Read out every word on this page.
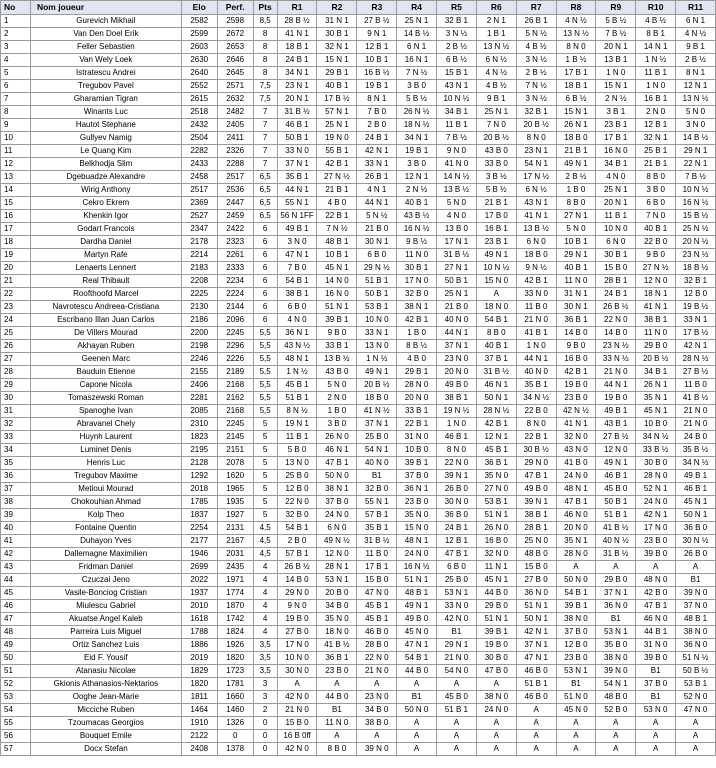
No	Nom joueur	Elo	Perf.	Pts	R1	R2	R3	R4	R5	R6	R7	R8	R9	R10	R11
1	Gurevich Mikhail	2582	2598	8,5	28 B ½	31 N 1	27 B ½	25 N 1	32 B 1	2 N 1	26 B 1	4 N ½	5 B ½	4 B ½	6 N 1
2	Van Den Doel Erik	2599	2672	8	41 N 1	30 B 1	9 N 1	14 B ½	3 N ½	1 B 1	5 N ½	13 N ½	7 B ½	8 B 1	4 N ½
3	Feller Sebastien	2603	2653	8	18 B 1	32 N 1	12 B 1	6 N 1	2 B ½	13 N ½	4 B ½	8 N 0	20 N 1	14 N 1	9 B 1
4	Van Wely Loek	2630	2646	8	24 B 1	15 N 1	10 B 1	16 N 1	6 B ½	6 N ½	3 N ½	1 B ½	13 B 1	1 N ½	2 B ½
5	Istratescu Andrei	2640	2645	8	34 N 1	29 B 1	16 B ½	7 N ½	15 B 1	4 N ½	2 B ½	17 B 1	1 N 0	11 B 1	8 N 1
6	Tregubov Pavel	2552	2571	7,5	23 N 1	40 B 1	19 B 1	3 B 0	43 N 1	4 B ½	7 N ½	18 B 1	15 N 1	1 N 0	12 N 1
7	Gharamian Tigran	2615	2632	7,5	20 N 1	17 B ½	8 N 1	5 B ½	10 N ½	9 B 1	3 N ½	6 B ½	2 N ½	16 B 1	13 N ½
8	Winants Luc	2518	2482	7	31 B ½	57 N 1	7 B 0	26 N ½	34 B 1	25 N 1	32 B 1	15 N 1	3 B 1	2 N 0	5 N 0
9	Hautot Stephane	2432	2405	7	46 B 1	25 N 1	2 B 0	18 N ½	11 B 1	7 N 0	20 B ½	26 N 1	23 B 1	12 B 1	3 N 0
10	Gullyev Namig	2504	2411	7	50 B 1	19 N 0	24 B 1	34 N 1	7 B ½	20 B ½	8 N 0	18 B 0	17 B 1	32 N 1	14 B ½
11	Le Quang Kim	2282	2326	7	33 N 0	55 B 1	42 N 1	19 B 1	9 N 0	43 B 0	23 N 1	21 B 1	16 N 0	25 B 1	29 N 1
12	Belkhodja Slim	2433	2288	7	37 N 1	42 B 1	33 N 1	3 B 0	41 N 0	33 B 0	54 N 1	49 N 1	34 B 1	21 B 1	22 N 1
13	Dgebuadze Alexandre	2458	2517	6,5	35 B 1	27 N ½	26 B 1	12 N 1	14 N ½	3 B ½	17 N ½	2 B ½	4 N 0	8 B 0	7 B ½
14	Wirig Anthony	2517	2536	6,5	44 N 1	21 B 1	4 N 1	2 N ½	13 B ½	5 B ½	6 N ½	1 B 0	25 N 1	3 B 0	10 N ½
15	Cekro Ekrem	2369	2447	6,5	55 N 1	4 B 0	44 N 1	40 B 1	5 N 0	21 B 1	43 N 1	8 B 0	20 N 1	6 B 0	16 N ½
16	Khenkin Igor	2527	2459	6,5	56 N 1FF	22 B 1	5 N ½	43 B ½	4 N 0	17 B 0	41 N 1	27 N 1	11 B 1	7 N 0	15 B ½
17	Godart Francois	2347	2422	6	49 B 1	7 N ½	21 B 0	16 N ½	13 B 0	16 B 1	13 B ½	5 N 0	10 N 0	40 B 1	25 N ½
18	Dardha Daniel	2178	2323	6	3 N 0	48 B 1	30 N 1	9 B ½	17 N 1	23 B 1	6 N 0	10 B 1	6 N 0	22 B 0	20 N ½
19	Martyn Rafe	2214	2261	6	47 N 1	10 B 1	6 B 0	11 N 0	31 B ½	49 N 1	18 B 0	29 N 1	30 B 1	9 B 0	23 N ½
20	Lenaerts Lennert	2183	2333	6	7 B 0	45 N 1	29 N ½	30 B 1	27 N 1	10 N ½	9 N ½	40 B 1	15 B 0	27 N ½	18 B ½
21	Real Thibault	2208	2234	6	54 B 1	14 N 0	51 B 1	17 N 0	50 B 1	15 N 0	42 B 1	11 N 0	28 B 1	12 N 0	32 B 1
22	Roofthoofd Marcel	2225	2224	6	38 B 1	16 N 0	50 B 1	32 B 0	25 N 1	A	33 N 0	31 N 1	24 B 1	18 N 1	12 B 0
23	Navrotescu Andreea-Cristiana	2130	2144	6	6 B 0	51 N 1	53 B 1	38 N 1	21 B 0	18 N 0	11 B 0	30 N 1	26 B ½	41 N 1	19 B ½
24	Escribano Illan Juan Carlos	2186	2096	6	4 N 0	39 B 1	10 N 0	42 B 1	40 N 0	54 B 1	21 N 0	36 B 1	22 N 0	38 B 1	33 N 1
25	De Villers Mourad	2200	2245	5,5	36 N 1	9 B 0	33 N 1	1 B 0	44 N 1	8 B 0	41 B 1	14 B 0	14 B 0	11 N 0	17 B ½
26	Akhayan Ruben	2198	2296	5,5	43 N ½	33 B 1	13 N 0	8 B ½	37 N 1	40 B 1	1 N 0	9 B 0	23 N ½	29 B 0	42 N 1
27	Geenen Marc	2246	2226	5,5	48 N 1	13 B ½	1 N ½	4 B 0	23 N 0	37 B 1	44 N 1	16 B 0	33 N ½	20 B ½	28 N ½
28	Bauduin Etienne	2155	2189	5,5	1 N ½	43 B 0	49 N 1	29 B 1	20 N 0	31 B ½	40 N 0	42 B 1	21 N 0	34 B 1	27 B ½
29	Capone Nicola	2406	2168	5,5	45 B 1	5 N 0	20 B ½	28 N 0	49 B 0	46 N 1	35 B 1	19 B 0	44 N 1	26 N 1	11 B 0
30	Tomaszewski Roman	2281	2162	5,5	51 B 1	2 N 0	18 B 0	20 N 0	38 B 1	50 N 1	34 N ½	23 B 0	19 B 0	35 N 1	41 B ½
31	Spanoghe Ivan	2085	2168	5,5	8 N ½	1 B 0	41 N ½	33 B 1	19 N ½	28 N ½	22 B 0	42 N ½	49 B 1	45 N 1	21 N 0
32	Abravanel Chely	2310	2245	5	19 N 1	3 B 0	37 N 1	22 B 1	1 N 0	42 B 1	8 N 0	41 N 1	43 B 1	10 B 0	21 N 0
33	Huynh Laurent	1823	2145	5	11 B 1	26 N 0	25 B 0	31 N 0	46 B 1	12 N 1	22 B 1	32 N 0	27 B ½	34 N ½	24 B 0
34	Luminet Denis	2195	2151	5	5 B 0	46 N 1	54 N 1	10 B 0	8 N 0	45 B 1	30 B ½	43 N 0	12 N 0	33 B ½	35 B ½
35	Henris Luc	2128	2078	5	13 N 0	47 B 1	40 N 0	39 B 1	22 N 0	36 B 1	29 N 0	41 B 0	49 N 1	30 B 0	34 N ½
36	Tregubov Maxime	1292	1620	5	25 B 0	50 N 0	B1	37 B 0	39 N 1	35 N 0	47 B 1	24 N 0	46 B 1	28 N 0	49 B 1
37	Metioui Mourad	2018	1965	5	12 B 0	38 N 1	32 B 0	36 N 1	26 B 0	27 N 0	49 B 0	48 N 1	45 B 0	52 N 1	46 B 1
38	Chokouhian Ahmad	1785	1935	5	22 N 0	37 B 0	55 N 1	23 B 0	30 N 0	53 B 1	39 N 1	47 B 1	50 B 1	24 N 0	45 N 1
39	Kolp Theo	1837	1927	5	32 B 0	24 N 0	57 B 1	35 N 0	36 B 0	51 N 1	38 B 1	46 N 0	51 B 1	42 N 1	50 N 1
40	Fontaine Quentin	2254	2131	4,5	54 B 1	6 N 0	35 B 1	15 N 0	24 B 1	26 N 0	28 B 1	20 N 0	41 B ½	17 N 0	36 B 0
41	Duhayon Yves	2177	2167	4,5	2 B 0	49 N ½	31 B ½	48 N 1	12 B 1	16 B 0	25 N 0	35 N 1	40 N ½	23 B 0	30 N ½
42	Dallemagne Maximilien	1946	2031	4,5	57 B 1	12 N 0	11 B 0	24 N 0	47 B 1	32 N 0	48 B 0	28 N 0	31 B ½	39 B 0	26 B 0
43	Fridman Daniel	2699	2435	4	26 B ½	28 N 1	17 B 1	16 N ½	6 B 0	11 N 1	15 B 0	A	A	A	A
44	Czuczai Jeno	2022	1971	4	14 B 0	53 N 1	15 B 0	51 N 1	25 B 0	45 N 1	27 B 0	50 N 0	29 B 0	48 N 0	B1
45	Vasile-Bonciog Cristian	1937	1774	4	29 N 0	20 B 0	47 N 0	48 B 1	53 N 1	44 B 0	36 N 0	54 B 1	37 N 1	42 B 0	39 N 0
46	Miulescu Gabriel	2010	1870	4	9 N 0	34 B 0	45 B 1	49 N 1	33 N 0	29 B 0	51 N 1	39 B 1	36 N 0	47 B 1	37 N 0
47	Akuatse Angel Kaleb	1618	1742	4	19 B 0	35 N 0	45 B 1	49 B 0	42 N 0	51 N 1	50 N 1	38 N 0	B1	46 N 0	48 B 1
48	Parreira Luis Miguel	1788	1824	4	27 B 0	18 N 0	46 B 0	45 N 0	B1	39 B 1	42 N 1	37 B 0	53 N 1	44 B 1	38 N 0
49	Ortiz Sanchez Luis	1886	1926	3,5	17 N 0	41 B ½	28 B 0	47 N 1	29 N 1	19 B 0	37 N 1	12 B 0	35 B 0	31 N 0	36 N 0
50	Eid F. Yousif	2019	1820	3,5	10 N 0	36 B 1	22 N 0	54 B 1	21 N 0	30 B 0	47 N 1	23 B 0	38 N 0	39 B 0	51 N ½
51	Atanasiu Nicolae	1829	1723	3,5	30 N 0	23 B 0	21 N 0	44 B 0	54 N 0	47 B 0	46 B 0	53 N 1	39 N 0	B1	50 B ½
52	Gkionis Athanasios-Nektarios	1820	1781	3	A	A	A	A	A	A	51 B 1	B1	54 N 1	37 B 0	53 B 1
53	Ooghe Jean-Marie	1811	1660	3	42 N 0	44 B 0	23 N 0	B1	45 B 0	38 N 0	46 B 0	51 N 0	48 B 0	B1	52 N 0
54	Micciche Ruben	1464	1460	2	21 N 0	B1	34 B 0	50 N 0	51 B 1	24 N 0	A	45 N 0	52 B 0	53 N 0	47 N 0
55	Tzoumacas Georgios	1910	1326	0	15 B 0	11 N 0	38 B 0	A	A	A	A	A	A	A	A
56	Bouquet Emile	2122	0	0	16 B 0ff	A	A	A	A	A	A	A	A	A	A
57	Docx Stefan	2408	1378	0	42 N 0	8 B 0	39 N 0	A	A	A	A	A	A	A	A
